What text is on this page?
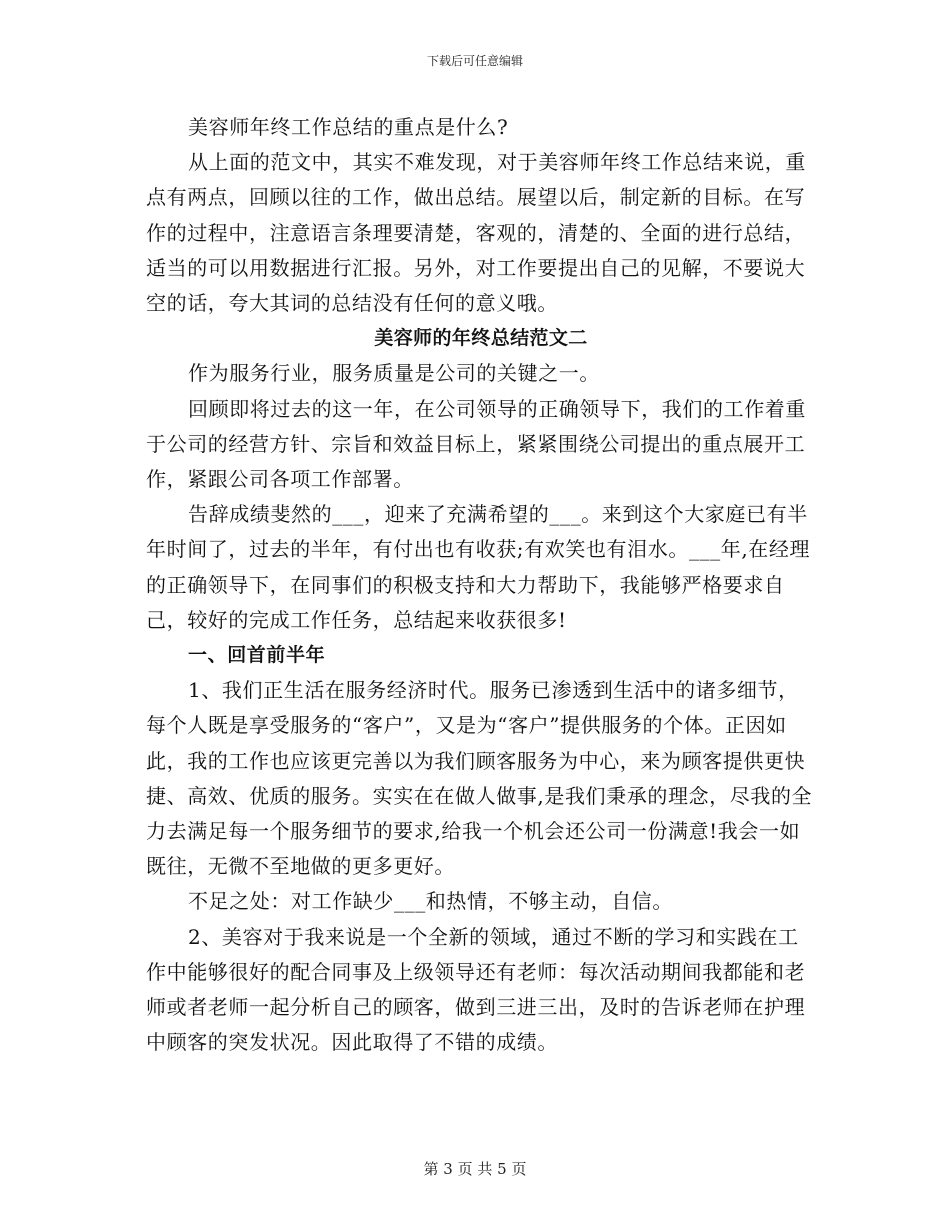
下载后可任意编辑

美容师年终工作总结的重点是什么?

从上面的范文中，其实不难发现，对于美容师年终工作总结来说，重点有两点，回顾以往的工作，做出总结。展望以后，制定新的目标。在写作的过程中，注意语言条理要清楚，客观的，清楚的、全面的进行总结，适当的可以用数据进行汇报。另外，对工作要提出自己的见解，不要说大空的话，夸大其词的总结没有任何的意义哦。

美容师的年终总结范文二

作为服务行业，服务质量是公司的关键之一。

回顾即将过去的这一年，在公司领导的正确领导下，我们的工作着重于公司的经营方针、宗旨和效益目标上，紧紧围绕公司提出的重点展开工作，紧跟公司各项工作部署。

告辞成绩斐然的___，迎来了充满希望的___。来到这个大家庭已有半年时间了，过去的半年，有付出也有收获;有欢笑也有泪水。___年,在经理的正确领导下，在同事们的积极支持和大力帮助下，我能够严格要求自己，较好的完成工作任务，总结起来收获很多!

一、回首前半年

1、我们正生活在服务经济时代。服务已渗透到生活中的诸多细节，每个人既是享受服务的“客户”，又是为“客户”提供服务的个体。正因如此，我的工作也应该更完善以为我们顾客服务为中心，来为顾客提供更快捷、高效、优质的服务。实实在在做人做事,是我们秉承的理念，尽我的全力去满足每一个服务细节的要求,给我一个机会还公司一份满意!我会一如既往，无微不至地做的更多更好。

不足之处：对工作缺少___和热情，不够主动，自信。

2、美容对于我来说是一个全新的领域，通过不断的学习和实践在工作中能够很好的配合同事及上级领导还有老师：每次活动期间我都能和老师或者老师一起分析自己的顾客，做到三进三出，及时的告诉老师在护理中顾客的突发状况。因此取得了不错的成绩。

第 3 页 共 5 页
